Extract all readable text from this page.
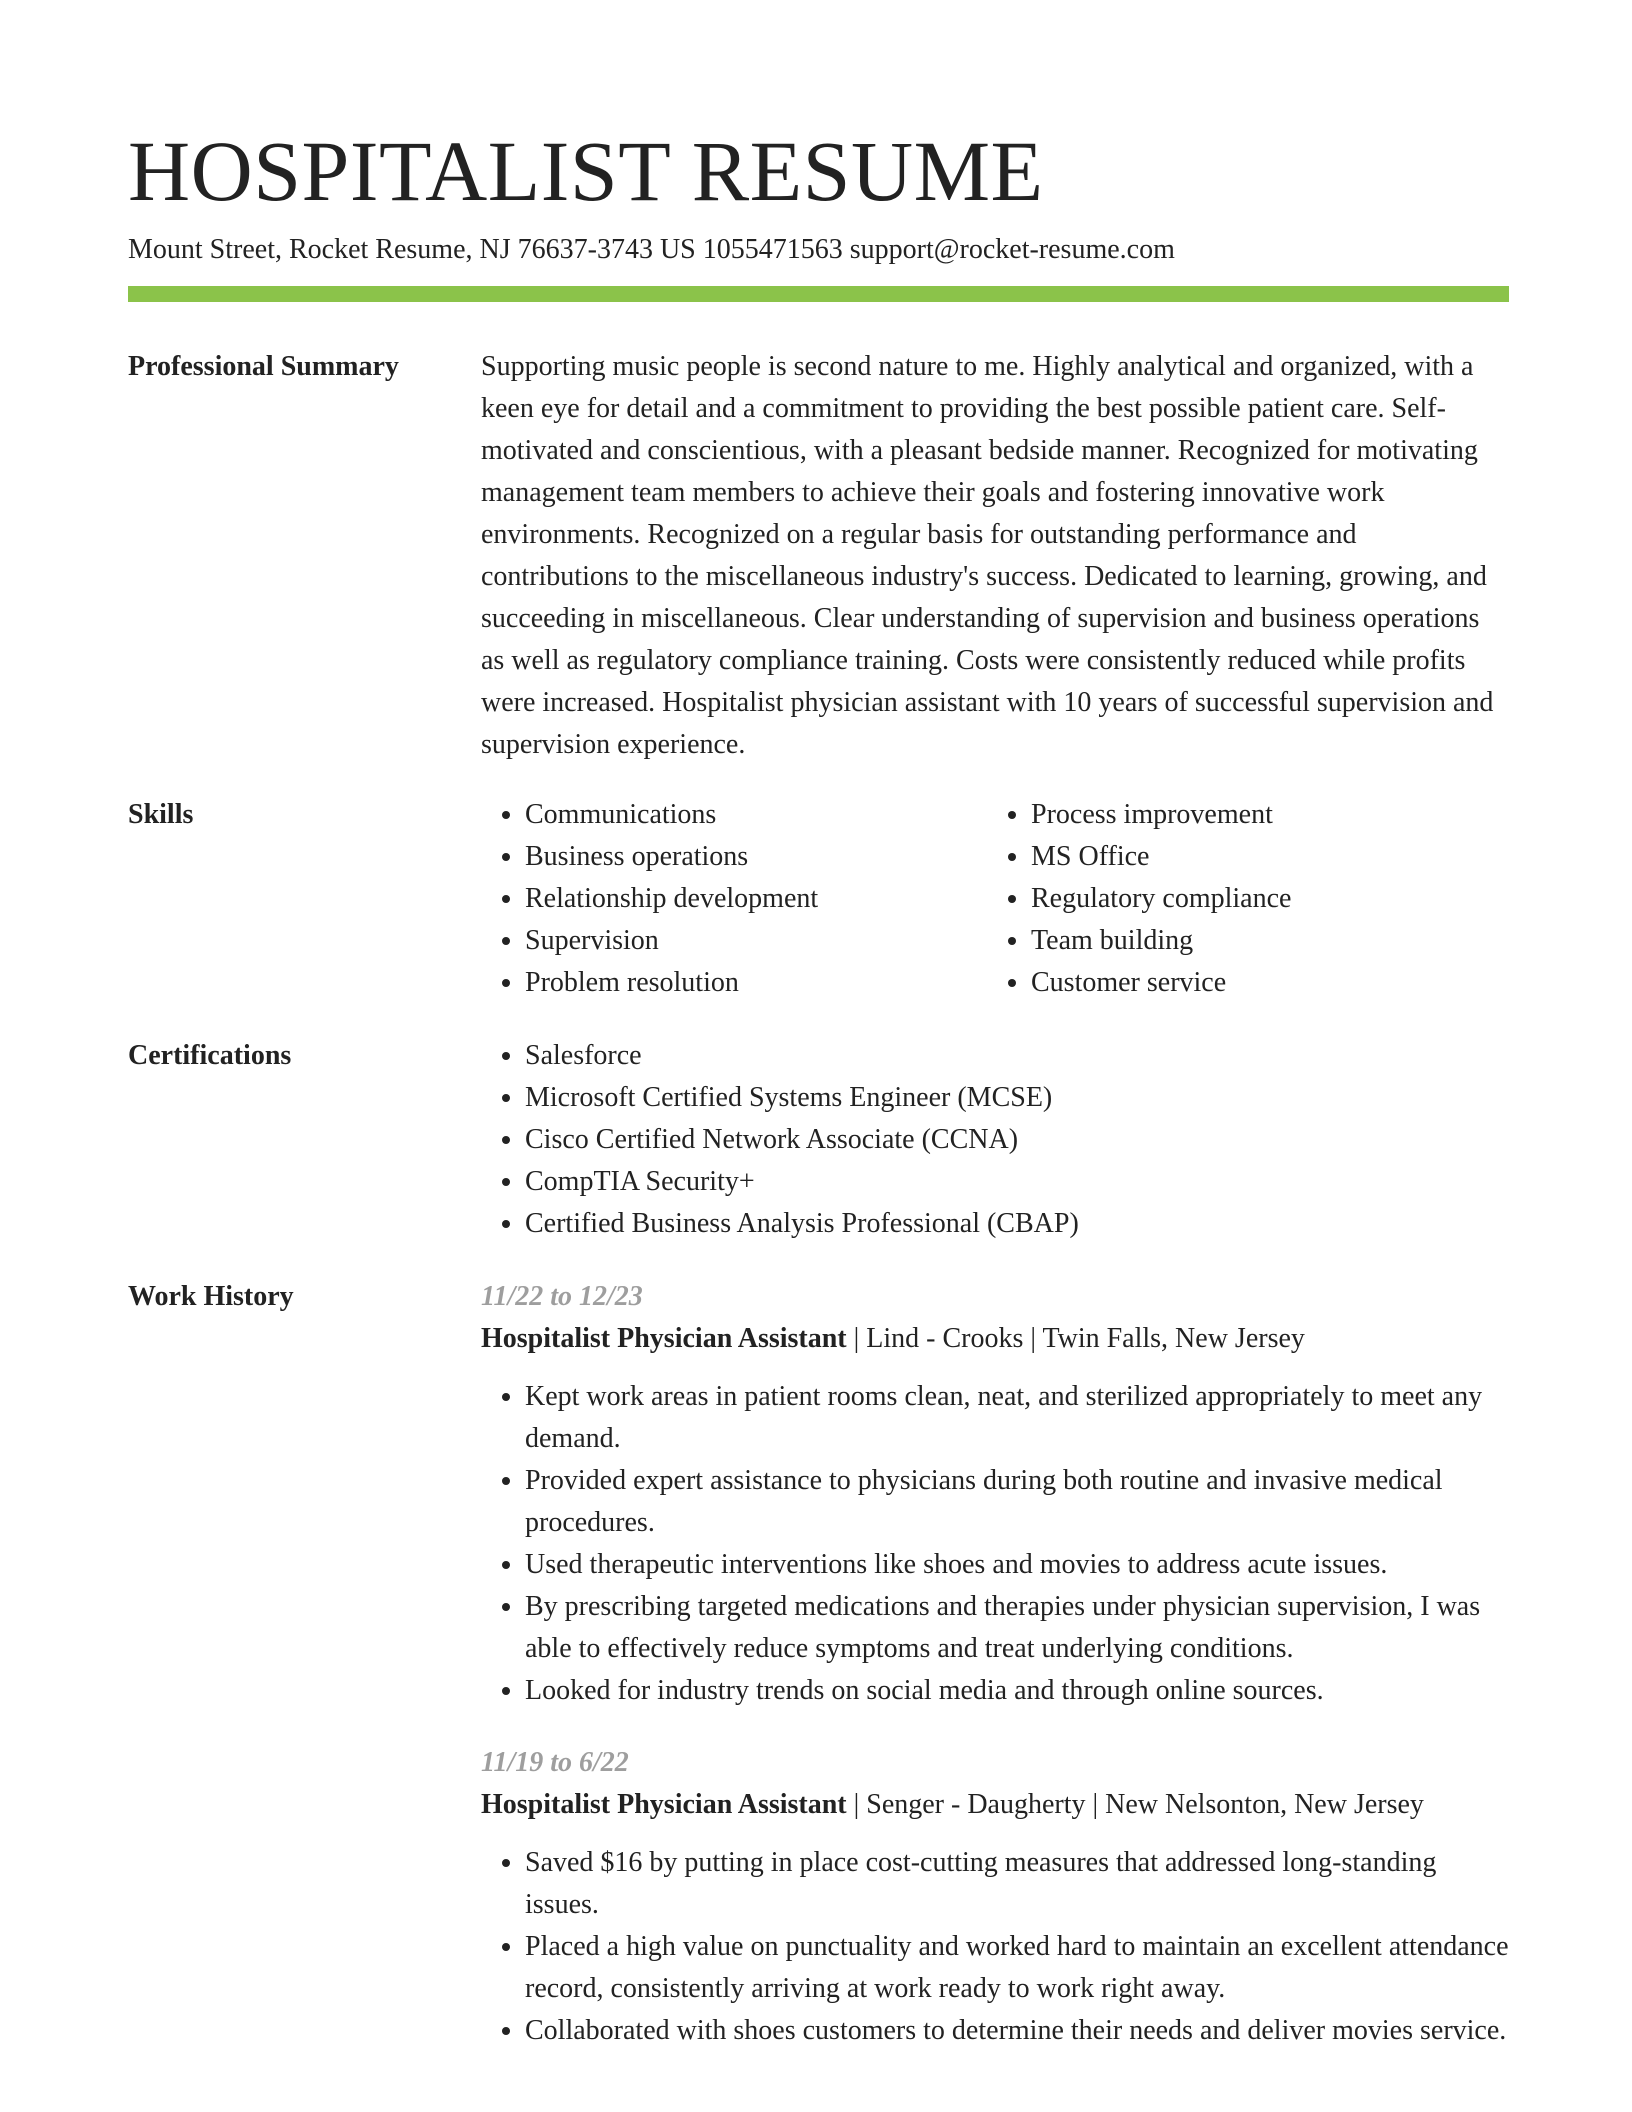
HOSPITALIST RESUME
Mount Street, Rocket Resume, NJ 76637-3743 US 1055471563 support@rocket-resume.com
Professional Summary	Supporting music people is second nature to me. Highly analytical and organized, with a keen eye for detail and a commitment to providing the best possible patient care. Self-motivated and conscientious, with a pleasant bedside manner. Recognized for motivating management team members to achieve their goals and fostering innovative work environments. Recognized on a regular basis for outstanding performance and contributions to the miscellaneous industry's success. Dedicated to learning, growing, and succeeding in miscellaneous. Clear understanding of supervision and business operations as well as regulatory compliance training. Costs were consistently reduced while profits were increased. Hospitalist physician assistant with 10 years of successful supervision and supervision experience.

Skills	• Communications
• Business operations
• Relationship development
• Supervision
• Problem resolution
• Process improvement
• MS Office
• Regulatory compliance
• Team building
• Customer service
Certifications	• Salesforce
• Microsoft Certified Systems Engineer (MCSE)
• Cisco Certified Network Associate (CCNA)
• CompTIA Security+
• Certified Business Analysis Professional (CBAP)
Work History	11/22 to 12/23
Hospitalist Physician Assistant | Lind - Crooks | Twin Falls, New Jersey
• Kept work areas in patient rooms clean, neat, and sterilized appropriately to meet any demand.
• Provided expert assistance to physicians during both routine and invasive medical procedures.
• Used therapeutic interventions like shoes and movies to address acute issues.
• By prescribing targeted medications and therapies under physician supervision, I was able to effectively reduce symptoms and treat underlying conditions.
• Looked for industry trends on social media and through online sources.
11/19 to 6/22
Hospitalist Physician Assistant | Senger - Daugherty | New Nelsonton, New Jersey
• Saved $16 by putting in place cost-cutting measures that addressed long-standing issues.
• Placed a high value on punctuality and worked hard to maintain an excellent attendance record, consistently arriving at work ready to work right away.
• Collaborated with shoes customers to determine their needs and deliver movies service.
